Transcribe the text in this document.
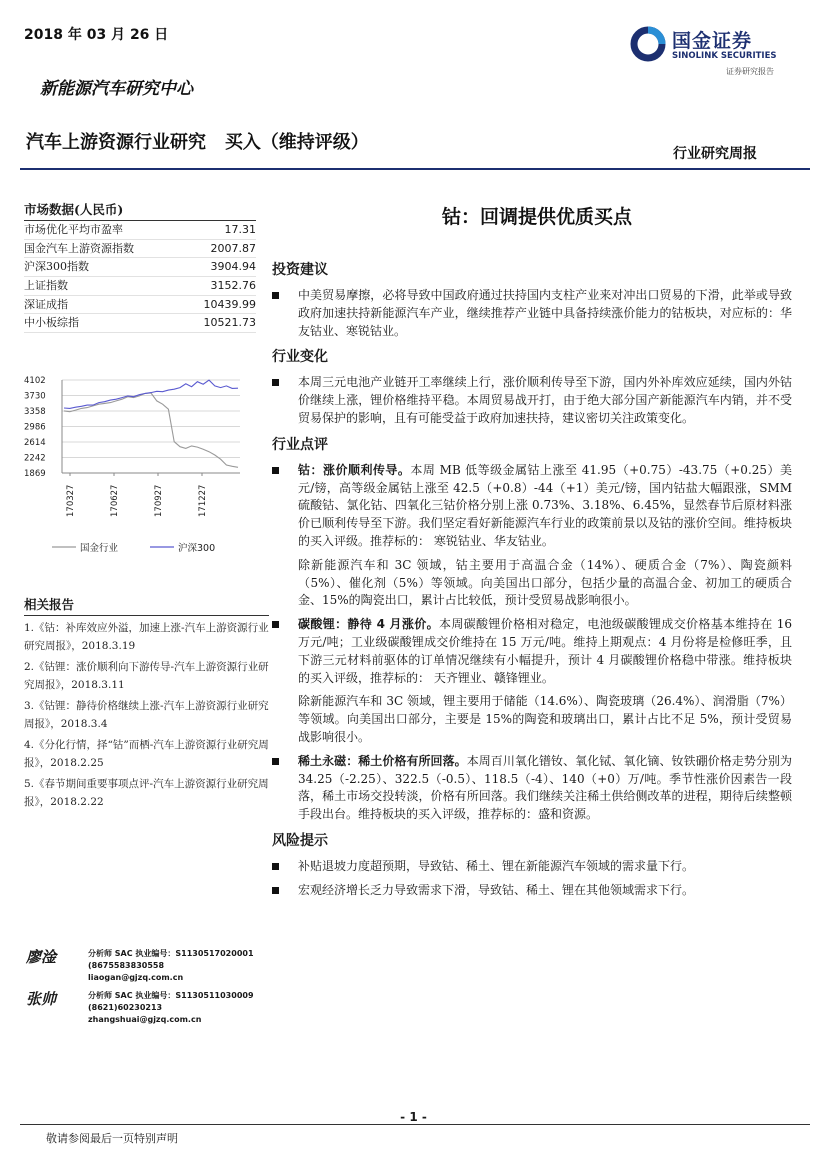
2018 年 03 月 26 日	国金证券
SINOLINK SECURITIES
证券研究报告
新能源汽车研究中心
汽车上游资源行业研究 买入（维持评级）
行业研究周报
市场数据(人民币)
市场优化平均市盈率	17.31
国金汽车上游资源指数	2007.87
沪深300指数	3904.94
上证指数	3152.76
深证成指	10439.99
中小板综指	10521.73
4102
3730
3358
2986
2614
2242
1869
170327	170627	170927	171227
国金行业	沪深300
相关报告
1.《钴：补库效应外溢，加速上涨-汽车上游资源行业研究周报》，2018.3.19
2.《钴锂：涨价顺利向下游传导-汽车上游资源行业研究周报》，2018.3.11
3.《钴锂：静待价格继续上涨-汽车上游资源行业研究周报》，2018.3.4
4.《分化行情，择“钴”而栖-汽车上游资源行业研究周报》，2018.2.25
5.《春节期间重要事项点评-汽车上游资源行业研究周报》，2018.2.22
廖淦	分析师 SAC 执业编号：S1130517020001
(8675583830558
liaogan@gjzq.com.cn
张帅	分析师 SAC 执业编号：S1130511030009
(8621)60230213
zhangshuai@gjzq.com.cn
钴：回调提供优质买点
投资建议
中美贸易摩擦，必将导致中国政府通过扶持国内支柱产业来对冲出口贸易的下滑，此举或导致政府加速扶持新能源汽车产业，继续推荐产业链中具备持续涨价能力的钴板块，对应标的：华友钴业、寒锐钴业。
行业变化
本周三元电池产业链开工率继续上行，涨价顺利传导至下游，国内外补库效应延续，国内外钴价继续上涨，锂价格维持平稳。本周贸易战开打，由于绝大部分国产新能源汽车内销，并不受贸易保护的影响，且有可能受益于政府加速扶持，建议密切关注政策变化。
行业点评
钴：涨价顺利传导。本周 MB 低等级金属钴上涨至 41.95（+0.75）-43.75（+0.25）美元/镑，高等级金属钴上涨至 42.5（+0.8）-44（+1）美元/镑，国内钴盐大幅跟涨，SMM 硫酸钴、氯化钴、四氧化三钴价格分别上涨 0.73%、3.18%、6.45%，显然春节后原材料涨价已顺利传导至下游。我们坚定看好新能源汽车行业的政策前景以及钴的涨价空间。维持板块的买入评级。推荐标的： 寒锐钴业、华友钴业。
除新能源汽车和 3C 领域，钴主要用于高温合金（14%）、硬质合金（7%）、陶瓷颜料（5%）、催化剂（5%）等领域。向美国出口部分，包括少量的高温合金、初加工的硬质合金、15%的陶瓷出口，累计占比较低，预计受贸易战影响很小。
碳酸锂：静待 4 月涨价。本周碳酸锂价格相对稳定，电池级碳酸锂成交价格基本维持在 16 万元/吨；工业级碳酸锂成交价维持在 15 万元/吨。维持上期观点：4 月份将是检修旺季，且下游三元材料前驱体的订单情况继续有小幅提升，预计 4 月碳酸锂价格稳中带涨。维持板块的买入评级，推荐标的： 天齐锂业、赣锋锂业。
除新能源汽车和 3C 领域，锂主要用于储能（14.6%）、陶瓷玻璃（26.4%）、润滑脂（7%）等领域。向美国出口部分，主要是 15%的陶瓷和玻璃出口，累计占比不足 5%，预计受贸易战影响很小。
稀土永磁：稀土价格有所回落。本周百川氧化镨钕、氧化铽、氧化镝、钕铁硼价格走势分别为 34.25（-2.25）、322.5（-0.5）、118.5（-4）、140（+0）万/吨。季节性涨价因素告一段落，稀土市场交投转淡，价格有所回落。我们继续关注稀土供给侧改革的进程，期待后续整顿手段出台。维持板块的买入评级，推荐标的：盛和资源。
风险提示
补贴退坡力度超预期，导致钴、稀土、锂在新能源汽车领域的需求量下行。
宏观经济增长乏力导致需求下滑，导致钴、稀土、锂在其他领域需求下行。
- 1 -
敬请参阅最后一页特别声明
